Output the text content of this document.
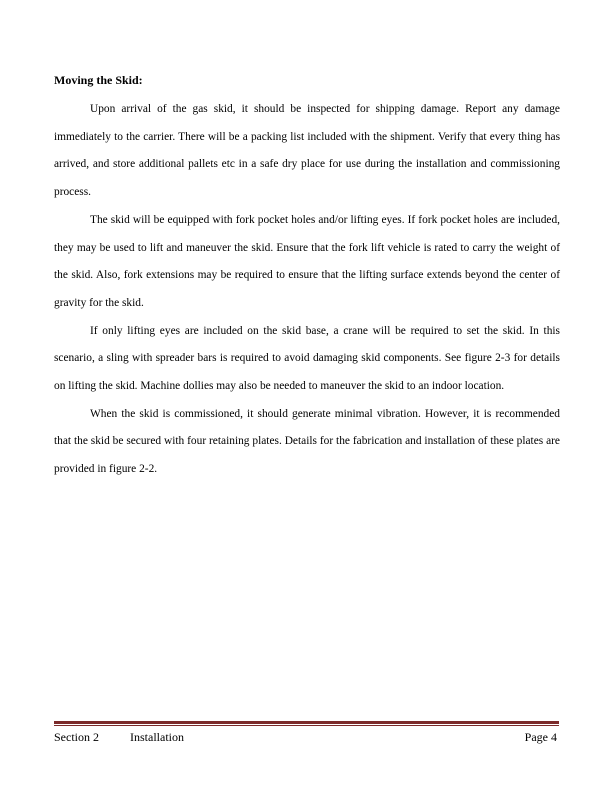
Moving the Skid:

Upon arrival of the gas skid, it should be inspected for shipping damage. Report any damage immediately to the carrier. There will be a packing list included with the shipment. Verify that every thing has arrived, and store additional pallets etc in a safe dry place for use during the installation and commissioning process.

The skid will be equipped with fork pocket holes and/or lifting eyes. If fork pocket holes are included, they may be used to lift and maneuver the skid. Ensure that the fork lift vehicle is rated to carry the weight of the skid. Also, fork extensions may be required to ensure that the lifting surface extends beyond the center of gravity for the skid.

If only lifting eyes are included on the skid base, a crane will be required to set the skid. In this scenario, a sling with spreader bars is required to avoid damaging skid components. See figure 2-3 for details on lifting the skid. Machine dollies may also be needed to maneuver the skid to an indoor location.

When the skid is commissioned, it should generate minimal vibration. However, it is recommended that the skid be secured with four retaining plates. Details for the fabrication and installation of these plates are provided in figure 2-2.

Section 2	Installation	Page 4
